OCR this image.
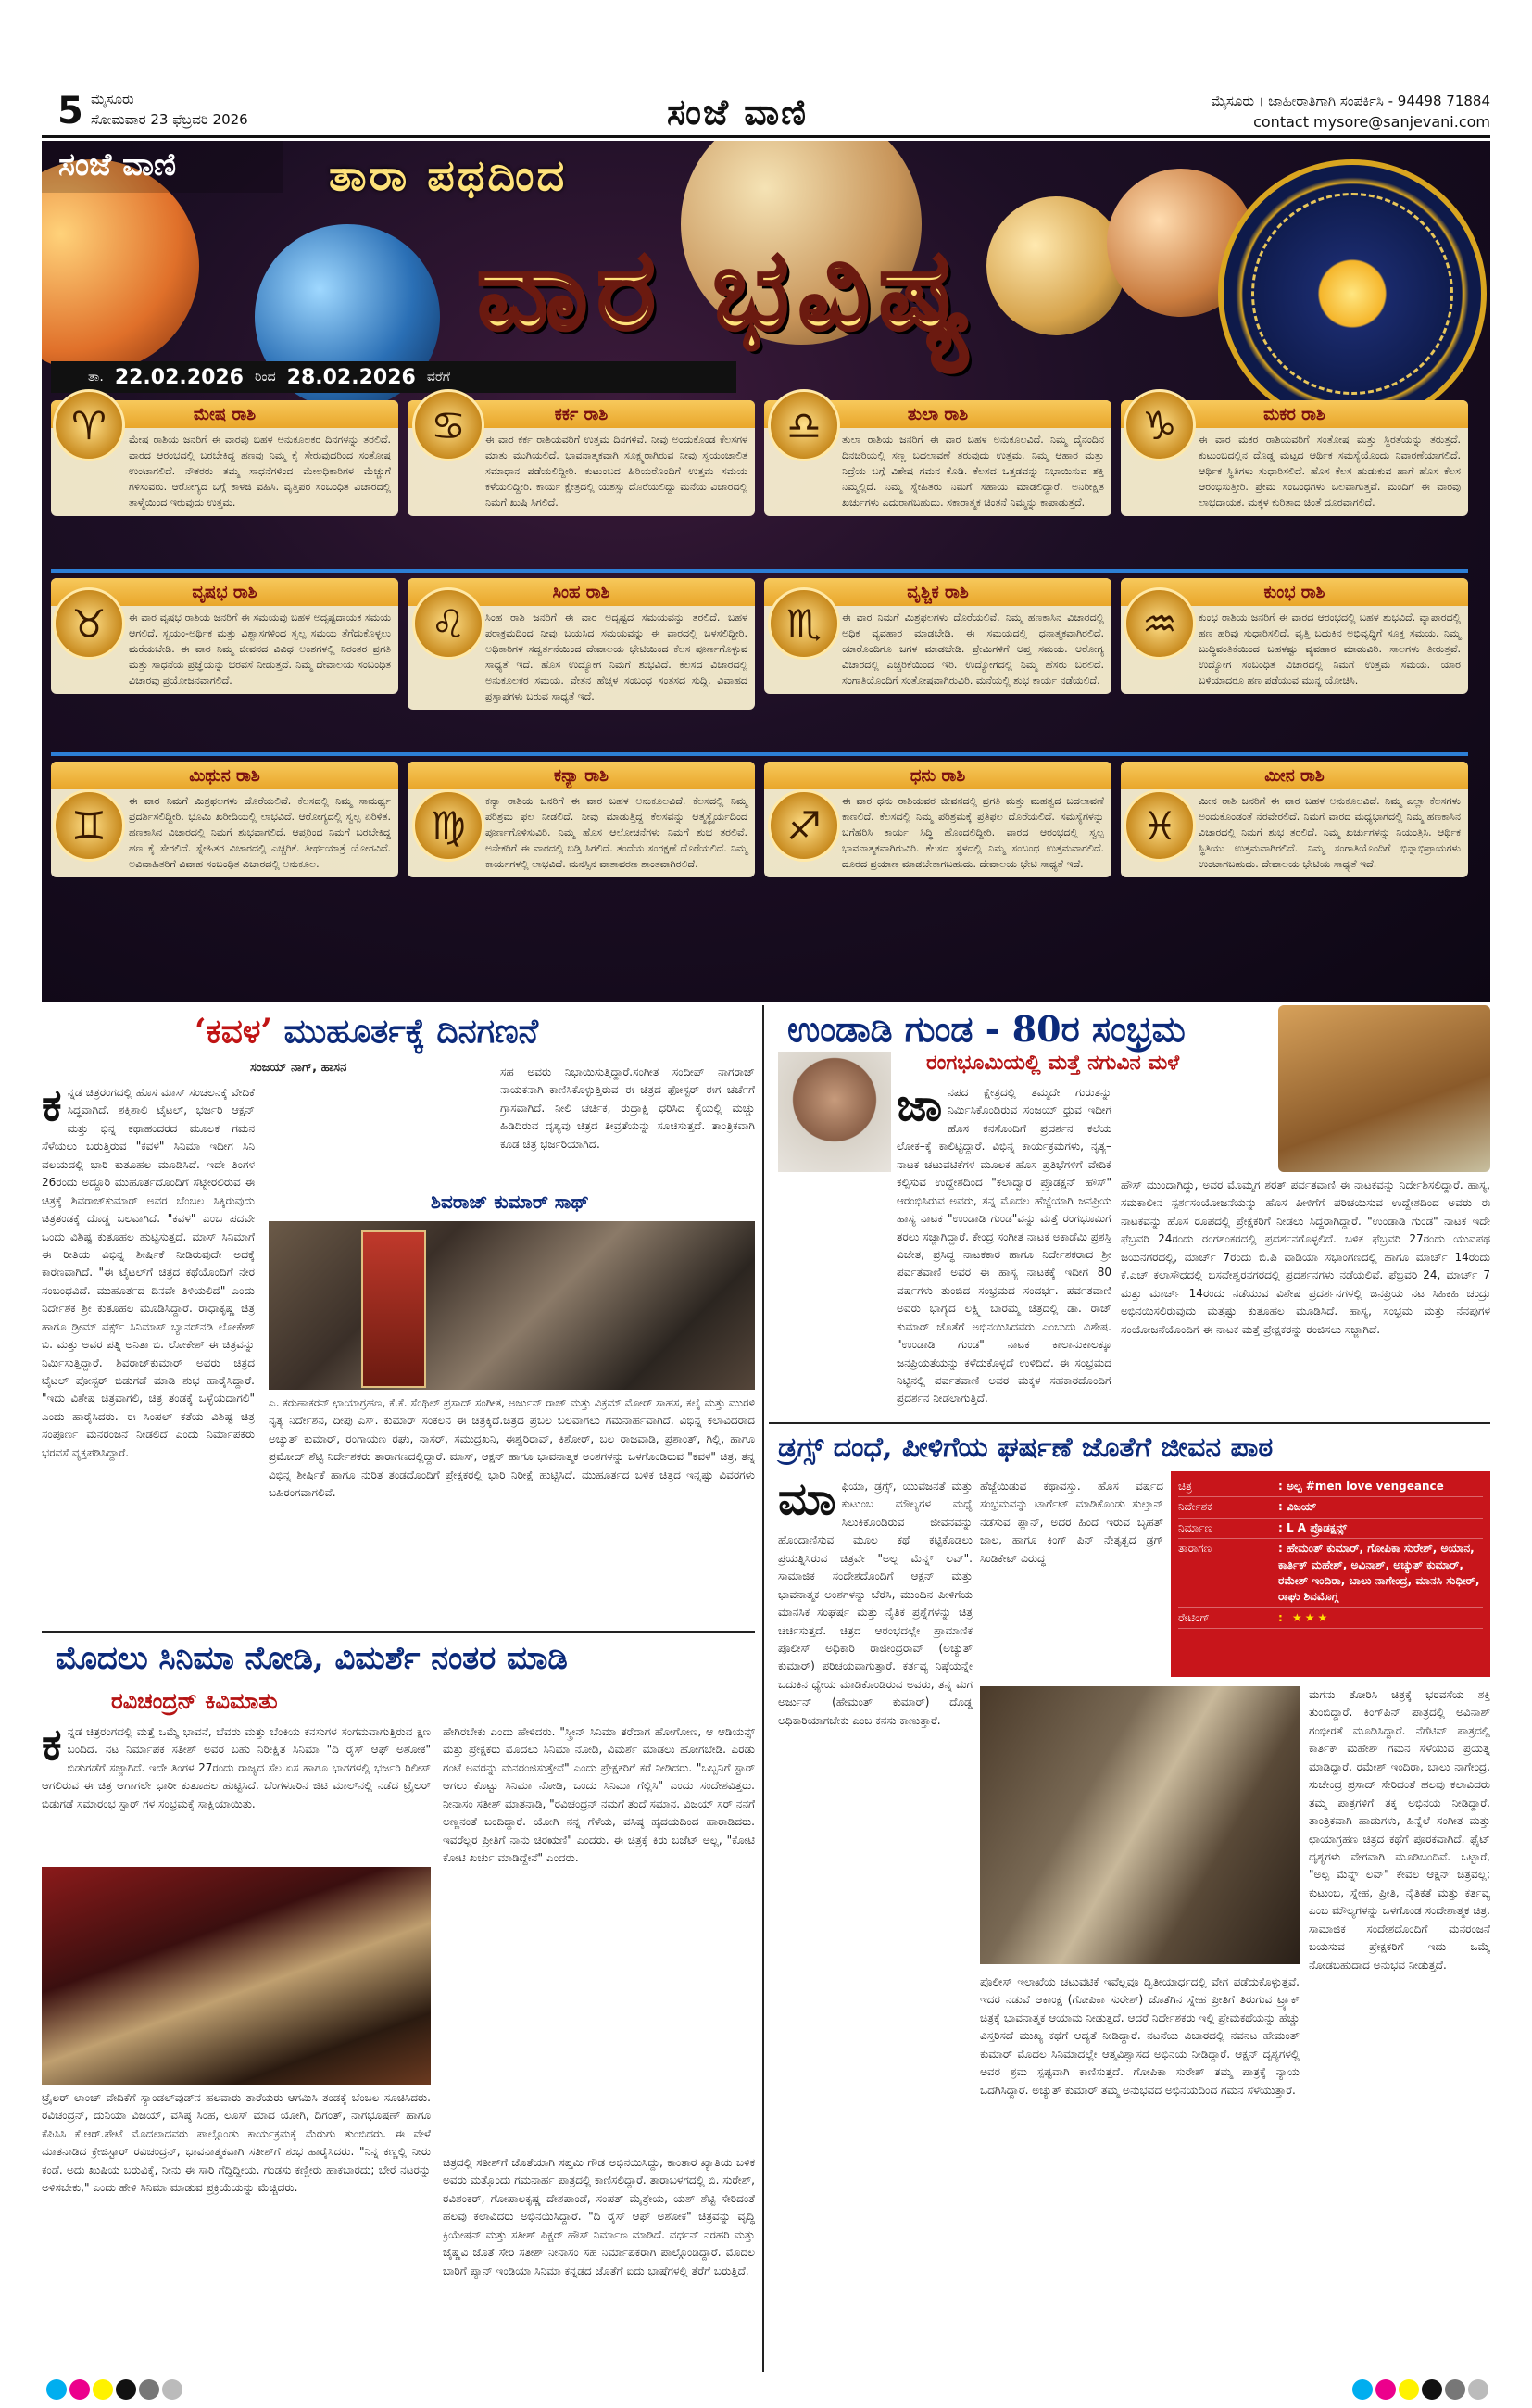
5 ಮೈಸೂರು
ಸೋಮವಾರ 23 ಫೆಬ್ರವರಿ 2026	ಸಂಜೆ ವಾಣಿ	ಮೈಸೂರು । ಜಾಹೀರಾತಿಗಾಗಿ ಸಂಪರ್ಕಿಸಿ - 94498 71884
contact mysore@sanjevani.com
ಸಂಜೆ ವಾಣಿ	ತಾರಾ ಪಥದಿಂದ
ವಾರ ಭವಿಷ್ಯ
ತಾ. 22.02.2026 ರಿಂದ 28.02.2026 ವರೆಗೆ
ಮೇಷ ರಾಶಿ
ಮೇಷ ರಾಶಿಯ ಜನರಿಗೆ ಈ ವಾರವು ಬಹಳ ಅನುಕೂಲಕರ ದಿನಗಳನ್ನು ತರಲಿದೆ. ವಾರದ ಆರಂಭದಲ್ಲಿ ಬರಬೇಕಿದ್ದ ಹಣವು ನಿಮ್ಮ ಕೈ ಸೇರುವುದರಿಂದ ಸಂತೋಷ ಉಂಟಾಗಲಿದೆ. ನೌಕರರು ತಮ್ಮ ಸಾಧನೆಗಳಿಂದ ಮೇಲಧಿಕಾರಿಗಳ ಮೆಚ್ಚುಗೆ ಗಳಿಸುವರು. ಆರೋಗ್ಯದ ಬಗ್ಗೆ ಕಾಳಜಿ ವಹಿಸಿ. ವೃತ್ತಿಪರ ಸಂಬಂಧಿತ ವಿಚಾರದಲ್ಲಿ ತಾಳ್ಮೆಯಿಂದ ಇರುವುದು ಉತ್ತಮ.
♈	ಕರ್ಕ ರಾಶಿ
ಈ ವಾರ ಕರ್ಕ ರಾಶಿಯವರಿಗೆ ಉತ್ತಮ ದಿನಗಳಿವೆ. ನೀವು ಅಂದುಕೊಂಡ ಕೆಲಸಗಳ ಮಾತು ಮುಗಿಯಲಿದೆ. ಭಾವನಾತ್ಮಕವಾಗಿ ಸೂಕ್ಷ್ಮರಾಗಿರುವ ನೀವು ಸ್ವಯಂಚಾಲಿತ ಸಮಾಧಾನ ಪಡೆಯಲಿದ್ದೀರಿ. ಕುಟುಂಬದ ಹಿರಿಯರೊಂದಿಗೆ ಉತ್ತಮ ಸಮಯ ಕಳೆಯಲಿದ್ದೀರಿ. ಕಾರ್ಯ ಕ್ಷೇತ್ರದಲ್ಲಿ ಯಶಸ್ಸು ದೊರೆಯಲಿದ್ದು ಮನೆಯ ವಿಚಾರದಲ್ಲಿ ನಿಮಗೆ ಖುಷಿ ಸಿಗಲಿದೆ.
♋	ತುಲಾ ರಾಶಿ
ತುಲಾ ರಾಶಿಯ ಜನರಿಗೆ ಈ ವಾರ ಬಹಳ ಅನುಕೂಲವಿದೆ. ನಿಮ್ಮ ದೈನಂದಿನ ದಿನಚರಿಯಲ್ಲಿ ಸಣ್ಣ ಬದಲಾವಣೆ ತರುವುದು ಉತ್ತಮ. ನಿಮ್ಮ ಆಹಾರ ಮತ್ತು ನಿದ್ರೆಯ ಬಗ್ಗೆ ವಿಶೇಷ ಗಮನ ಕೊಡಿ. ಕೆಲಸದ ಒತ್ತಡವನ್ನು ನಿಭಾಯಿಸುವ ಶಕ್ತಿ ನಿಮ್ಮಲ್ಲಿದೆ. ನಿಮ್ಮ ಸ್ನೇಹಿತರು ನಿಮಗೆ ಸಹಾಯ ಮಾಡಲಿದ್ದಾರೆ. ಅನಿರೀಕ್ಷಿತ ಖರ್ಚುಗಳು ಎದುರಾಗಬಹುದು. ಸಕಾರಾತ್ಮಕ ಚಿಂತನೆ ನಿಮ್ಮನ್ನು ಕಾಪಾಡುತ್ತದೆ.
♎	ಮಕರ ರಾಶಿ
ಈ ವಾರ ಮಕರ ರಾಶಿಯವರಿಗೆ ಸಂತೋಷ ಮತ್ತು ಸ್ಥಿರತೆಯನ್ನು ತರುತ್ತದೆ. ಕುಟುಂಬದಲ್ಲಿನ ದೊಡ್ಡ ಮಟ್ಟದ ಆರ್ಥಿಕ ಸಮಸ್ಯೆಯೊಂದು ನಿವಾರಣೆಯಾಗಲಿದೆ. ಆರ್ಥಿಕ ಸ್ಥಿತಿಗಳು ಸುಧಾರಿಸಲಿದೆ. ಹೊಸ ಕೆಲಸ ಹುಡುಕುವ ಹಾಗೆ ಹೊಸ ಕೆಲಸ ಆರಂಭಿಸುತ್ತೀರಿ. ಪ್ರೇಮ ಸಂಬಂಧಗಳು ಬಲವಾಗುತ್ತವೆ. ಮಂದಿಗೆ ಈ ವಾರವು ಲಾಭದಾಯಕ. ಮಕ್ಕಳ ಕುರಿತಾದ ಚಿಂತೆ ದೂರವಾಗಲಿದೆ.
♑
ವೃಷಭ ರಾಶಿ
ಈ ವಾರ ವೃಷಭ ರಾಶಿಯ ಜನರಿಗೆ ಈ ಸಮಯವು ಬಹಳ ಅದೃಷ್ಟದಾಯಕ ಸಮಯ ಆಗಲಿದೆ. ಸ್ವಯಂ-ಅರ್ಥಿಕ ಮತ್ತು ವಿಶ್ವಾಸಗಳಿಂದ ಸ್ವಲ್ಪ ಸಮಯ ತೆಗೆದುಕೊಳ್ಳಲು ಮರೆಯಬೇಡಿ. ಈ ವಾರ ನಿಮ್ಮ ಜೀವನದ ವಿವಿಧ ಅಂಶಗಳಲ್ಲಿ ನಿರಂತರ ಪ್ರಗತಿ ಮತ್ತು ಸಾಧನೆಯ ಪ್ರಜ್ಞೆಯನ್ನು ಭರವಸೆ ನೀಡುತ್ತದೆ. ನಿಮ್ಮ ದೇವಾಲಯ ಸಂಬಂಧಿತ ವಿಚಾರವು ಪ್ರಯೋಜನವಾಗಲಿದೆ.
♉
ಸಿಂಹ ರಾಶಿ
ಸಿಂಹ ರಾಶಿ ಜನರಿಗೆ ಈ ವಾರ ಅದೃಷ್ಟದ ಸಮಯವನ್ನು ತರಲಿದೆ. ಬಹಳ ಪರಾಕ್ರಮದಿಂದ ನೀವು ಬಯಸಿದ ಸಮಯವನ್ನು ಈ ವಾರದಲ್ಲಿ ಬಳಸಲಿದ್ದೀರಿ. ಅಧಿಕಾರಿಗಳ ಸದ್ವರ್ತನೆಯಿಂದ ದೇವಾಲಯ ಭೇಟಿಯಿಂದ ಕೆಲಸ ಪೂರ್ಣಗೊಳ್ಳುವ ಸಾಧ್ಯತೆ ಇದೆ. ಹೊಸ ಉದ್ಯೋಗ ನಿಮಗೆ ಶುಭವಿದೆ. ಕೆಲಸದ ವಿಚಾರದಲ್ಲಿ ಅನುಕೂಲಕರ ಸಮಯ. ವೇತನ ಹೆಚ್ಚಳ ಸಂಬಂಧ ಸಂತಸದ ಸುದ್ದಿ. ವಿವಾಹದ ಪ್ರಸ್ತಾಪಗಳು ಬರುವ ಸಾಧ್ಯತೆ ಇದೆ.
♌
ವೃಶ್ಚಿಕ ರಾಶಿ
ಈ ವಾರ ನಿಮಗೆ ಮಿಶ್ರಫಲಗಳು ದೊರೆಯಲಿವೆ. ನಿಮ್ಮ ಹಣಕಾಸಿನ ವಿಚಾರದಲ್ಲಿ ಅಧಿಕ ವ್ಯವಹಾರ ಮಾಡಬೇಡಿ. ಈ ಸಮಯದಲ್ಲಿ ಧನಾತ್ಮಕವಾಗಿರಲಿದೆ. ಯಾರೊಂದಿಗೂ ಜಗಳ ಮಾಡಬೇಡಿ. ಪ್ರೇಮಿಗಳಿಗೆ ಆಪ್ತ ಸಮಯ. ಆರೋಗ್ಯ ವಿಚಾರದಲ್ಲಿ ಎಚ್ಚರಿಕೆಯಿಂದ ಇರಿ. ಉದ್ಯೋಗದಲ್ಲಿ ನಿಮ್ಮ ಹೆಸರು ಬರಲಿದೆ. ಸಂಗಾತಿಯೊಂದಿಗೆ ಸಂತೋಷವಾಗಿರುವಿರಿ. ಮನೆಯಲ್ಲಿ ಶುಭ ಕಾರ್ಯ ನಡೆಯಲಿದೆ.
♏
ಕುಂಭ ರಾಶಿ
ಕುಂಭ ರಾಶಿಯ ಜನರಿಗೆ ಈ ವಾರದ ಆರಂಭದಲ್ಲಿ ಬಹಳ ಶುಭವಿದೆ. ವ್ಯಾಪಾರದಲ್ಲಿ ಹಣ ಹರಿವು ಸುಧಾರಿಸಲಿದೆ. ವೃತ್ತಿ ಬದುಕಿನ ಅಭಿವೃದ್ಧಿಗೆ ಸೂಕ್ತ ಸಮಯ. ನಿಮ್ಮ ಬುದ್ಧಿವಂತಿಕೆಯಿಂದ ಬಹಳಷ್ಟು ವ್ಯವಹಾರ ಮಾಡುವಿರಿ. ಸಾಲಗಳು ತೀರುತ್ತವೆ. ಉದ್ಯೋಗ ಸಂಬಂಧಿತ ವಿಚಾರದಲ್ಲಿ ನಿಮಗೆ ಉತ್ತಮ ಸಮಯ. ಯಾರ ಬಳಿಯಾದರೂ ಹಣ ಪಡೆಯುವ ಮುನ್ನ ಯೋಚಿಸಿ.
♒
ಮಿಥುನ ರಾಶಿ
ಈ ವಾರ ನಿಮಗೆ ಮಿಶ್ರಫಲಗಳು ದೊರೆಯಲಿದೆ. ಕೆಲಸದಲ್ಲಿ ನಿಮ್ಮ ಸಾಮರ್ಥ್ಯ ಪ್ರದರ್ಶಿಸಲಿದ್ದೀರಿ. ಭೂಮಿ ಖರೀದಿಯಲ್ಲಿ ಲಾಭವಿದೆ. ಆರೋಗ್ಯದಲ್ಲಿ ಸ್ವಲ್ಪ ಏರಿಳಿತ. ಹಣಕಾಸಿನ ವಿಚಾರದಲ್ಲಿ ನಿಮಗೆ ಶುಭವಾಗಲಿದೆ. ಆಪ್ತರಿಂದ ನಿಮಗೆ ಬರಬೇಕಿದ್ದ ಹಣ ಕೈ ಸೇರಲಿದೆ. ಸ್ನೇಹಿತರ ವಿಚಾರದಲ್ಲಿ ಎಚ್ಚರಿಕೆ. ತೀರ್ಥಯಾತ್ರೆ ಯೋಗವಿದೆ. ಅವಿವಾಹಿತರಿಗೆ ವಿವಾಹ ಸಂಬಂಧಿತ ವಿಚಾರದಲ್ಲಿ ಅನುಕೂಲ.
♊
ಕನ್ಯಾ ರಾಶಿ
ಕನ್ಯಾ ರಾಶಿಯ ಜನರಿಗೆ ಈ ವಾರ ಬಹಳ ಅನುಕೂಲವಿದೆ. ಕೆಲಸದಲ್ಲಿ ನಿಮ್ಮ ಪರಿಶ್ರಮ ಫಲ ನೀಡಲಿದೆ. ನೀವು ಮಾಡುತ್ತಿದ್ದ ಕೆಲಸವನ್ನು ಆತ್ಮಸ್ಥೈರ್ಯದಿಂದ ಪೂರ್ಣಗೊಳಿಸುವಿರಿ. ನಿಮ್ಮ ಹೊಸ ಆಲೋಚನೆಗಳು ನಿಮಗೆ ಶುಭ ತರಲಿವೆ. ಅನೇಕರಿಗೆ ಈ ವಾರದಲ್ಲಿ ಬಡ್ತಿ ಸಿಗಲಿದೆ. ತಂದೆಯ ಸಂರಕ್ಷಣೆ ದೊರೆಯಲಿದೆ. ನಿಮ್ಮ ಕಾರ್ಯಗಳಲ್ಲಿ ಲಾಭವಿದೆ. ಮನಸ್ಸಿನ ವಾತಾವರಣ ಶಾಂತವಾಗಿರಲಿದೆ.
♍
ಧನು ರಾಶಿ
ಈ ವಾರ ಧನು ರಾಶಿಯವರ ಜೀವನದಲ್ಲಿ ಪ್ರಗತಿ ಮತ್ತು ಮಹತ್ವದ ಬದಲಾವಣೆ ಕಾಣಲಿದೆ. ಕೆಲಸದಲ್ಲಿ ನಿಮ್ಮ ಪರಿಶ್ರಮಕ್ಕೆ ಪ್ರತಿಫಲ ದೊರೆಯಲಿದೆ. ಸಮಸ್ಯೆಗಳನ್ನು ಬಗೆಹರಿಸಿ ಕಾರ್ಯ ಸಿದ್ಧಿ ಹೊಂದಲಿದ್ದೀರಿ. ವಾರದ ಆರಂಭದಲ್ಲಿ ಸ್ವಲ್ಪ ಭಾವನಾತ್ಮಕವಾಗಿರುವಿರಿ. ಕೆಲಸದ ಸ್ಥಳದಲ್ಲಿ ನಿಮ್ಮ ಸಂಬಂಧ ಉತ್ತಮವಾಗಲಿದೆ. ದೂರದ ಪ್ರಯಾಣ ಮಾಡಬೇಕಾಗಬಹುದು. ದೇವಾಲಯ ಭೇಟಿ ಸಾಧ್ಯತೆ ಇದೆ.
♐
ಮೀನ ರಾಶಿ
ಮೀನ ರಾಶಿ ಜನರಿಗೆ ಈ ವಾರ ಬಹಳ ಅನುಕೂಲವಿದೆ. ನಿಮ್ಮ ಎಲ್ಲಾ ಕೆಲಸಗಳು ಅಂದುಕೊಂಡಂತೆ ನೆರವೇರಲಿದೆ. ನಿಮಗೆ ವಾರದ ಮಧ್ಯಭಾಗದಲ್ಲಿ ನಿಮ್ಮ ಹಣಕಾಸಿನ ವಿಚಾರದಲ್ಲಿ ನಿಮಗೆ ಶುಭ ತರಲಿದೆ. ನಿಮ್ಮ ಖರ್ಚುಗಳನ್ನು ನಿಯಂತ್ರಿಸಿ. ಆರ್ಥಿಕ ಸ್ಥಿತಿಯು ಉತ್ತಮವಾಗಿರಲಿದೆ. ನಿಮ್ಮ ಸಂಗಾತಿಯೊಂದಿಗೆ ಭಿನ್ನಾಭಿಪ್ರಾಯಗಳು ಉಂಟಾಗಬಹುದು. ದೇವಾಲಯ ಭೇಟಿಯ ಸಾಧ್ಯತೆ ಇದೆ.
♓
‘ಕವಳ’ ಮುಹೂರ್ತಕ್ಕೆ ದಿನಗಣನೆ
ಸಂಜಯ್ ನಾಗ್, ಹಾಸನ
ಕನ್ನಡ ಚಿತ್ರರಂಗದಲ್ಲಿ ಹೊಸ ಮಾಸ್ ಸಂಚಲನಕ್ಕೆ ವೇದಿಕೆ ಸಿದ್ಧವಾಗಿದೆ. ಶಕ್ತಿಶಾಲಿ ಟೈಟಲ್, ಭರ್ಜರಿ ಆಕ್ಷನ್ ಮತ್ತು ಭಿನ್ನ ಕಥಾಹಂದರದ ಮೂಲಕ ಗಮನ ಸೆಳೆಯಲು ಬರುತ್ತಿರುವ "ಕವಳ" ಸಿನಿಮಾ ಇದೀಗ ಸಿನಿ ವಲಯದಲ್ಲಿ ಭಾರಿ ಕುತೂಹಲ ಮೂಡಿಸಿದೆ. ಇದೇ ತಿಂಗಳ 26ರಂದು ಅದ್ದೂರಿ ಮುಹೂರ್ತದೊಂದಿಗೆ ಸೆಟ್ಟೇರಲಿರುವ ಈ ಚಿತ್ರಕ್ಕೆ ಶಿವರಾಜ್‌ಕುಮಾರ್ ಅವರ ಬೆಂಬಲ ಸಿಕ್ಕಿರುವುದು ಚಿತ್ರತಂಡಕ್ಕೆ ದೊಡ್ಡ ಬಲವಾಗಿದೆ. "ಕವಳ" ಎಂಬ ಪದವೇ ಒಂದು ವಿಶಿಷ್ಟ ಕುತೂಹಲ ಹುಟ್ಟಿಸುತ್ತದೆ. ಮಾಸ್ ಸಿನಿಮಾಗೆ ಈ ರೀತಿಯ ವಿಭಿನ್ನ ಶೀರ್ಷಿಕೆ ನೀಡಿರುವುದೇ ಅದಕ್ಕೆ ಕಾರಣವಾಗಿದೆ. "ಈ ಟೈಟಲ್‌ಗೆ ಚಿತ್ರದ ಕಥೆಯೊಂದಿಗೆ ನೇರ ಸಂಬಂಧವಿದೆ. ಮುಹೂರ್ತದ ದಿನವೇ ತಿಳಿಯಲಿದೆ" ಎಂದು ನಿರ್ದೇಶಕ ಶ್ರೀ ಕುತೂಹಲ ಮೂಡಿಸಿದ್ದಾರೆ. ರಾಧಾಕೃಷ್ಣ ಚಿತ್ರ ಹಾಗೂ ಡ್ರೀಮ್ ವರ್ಕ್ಸ್ ಸಿನಿಮಾಸ್ ಬ್ಯಾನರ್‌ನಡಿ ಲೋಕೇಶ್ ಬಿ. ಮತ್ತು ಅವರ ಪತ್ನಿ ಅನಿತಾ ಬಿ. ಲೋಕೇಶ್ ಈ ಚಿತ್ರವನ್ನು ನಿರ್ಮಿಸುತ್ತಿದ್ದಾರೆ. ಶಿವರಾಜ್‌ಕುಮಾರ್ ಅವರು ಚಿತ್ರದ ಟೈಟಲ್ ಪೋಸ್ಟರ್ ಬಿಡುಗಡೆ ಮಾಡಿ ಶುಭ ಹಾರೈಸಿದ್ದಾರೆ. "ಇದು ವಿಶೇಷ ಚಿತ್ರವಾಗಲಿ, ಚಿತ್ರ ತಂಡಕ್ಕೆ ಒಳ್ಳೆಯದಾಗಲಿ" ಎಂದು ಹಾರೈಸಿದರು. ಈ ಸಿಂಪಲ್ ಕತೆಯ ವಿಶಿಷ್ಟ ಚಿತ್ರ ಸಂಪೂರ್ಣ ಮನರಂಜನೆ ನೀಡಲಿದೆ ಎಂದು ನಿರ್ಮಾಪಕರು ಭರವಸೆ ವ್ಯಕ್ತಪಡಿಸಿದ್ದಾರೆ.
ಸಹ ಅವರು ನಿಭಾಯಿಸುತ್ತಿದ್ದಾರೆ.ಸಂಗೀತ ಸಂದೀಪ್ ನಾಗರಾಜ್ ನಾಯಕನಾಗಿ ಕಾಣಿಸಿಕೊಳ್ಳುತ್ತಿರುವ ಈ ಚಿತ್ರದ ಫೋಸ್ಟರ್ ಈಗ ಚರ್ಚೆಗೆ ಗ್ರಾಸವಾಗಿದೆ. ನೀಲಿ ಚರ್ಚಿಕ, ರುದ್ರಾಕ್ಷಿ ಧರಿಸಿದ ಕೈಯಲ್ಲಿ ಮಚ್ಚು ಹಿಡಿದಿರುವ ದೃಶ್ಯವು ಚಿತ್ರದ ತೀವ್ರತೆಯನ್ನು ಸೂಚಿಸುತ್ತದೆ. ತಾಂತ್ರಿಕವಾಗಿ ಕೂಡ ಚಿತ್ರ ಭರ್ಜರಿಯಾಗಿದೆ.
ಶಿವರಾಜ್ ಕುಮಾರ್ ಸಾಥ್
ಎ. ಕರುಣಾಕರನ್ ಛಾಯಾಗ್ರಹಣ, ಕೆ.ಕೆ. ಸೆಂಥಿಲ್ ಪ್ರಸಾದ್ ಸಂಗೀತ, ಅರ್ಜುನ್ ರಾಜ್ ಮತ್ತು ವಿಕ್ರಮ್ ಮೋರ್ ಸಾಹಸ, ಕಲೈ ಮತ್ತು ಮುರಳಿ ನೃತ್ಯ ನಿರ್ದೇಶನ, ದೀಪು ಎಸ್. ಕುಮಾರ್ ಸಂಕಲನ ಈ ಚಿತ್ರಕ್ಕಿದೆ.ಚಿತ್ರದ ಪ್ರಬಲ ಬಲವಾಗಲು ಗಮನಾರ್ಹವಾಗಿದೆ. ವಿಭಿನ್ನ ಕಲಾವಿದರಾದ ಅಚ್ಯುತ್ ಕುಮಾರ್, ರಂಗಾಯಣ ರಘು, ನಾಸರ್, ಸಮುದ್ರಖನಿ, ಈಶ್ವರಿರಾವ್, ಕಿಶೋರ್, ಬಲ ರಾಜವಾಡಿ, ಪ್ರಶಾಂತ್, ಗಿಲ್ಲಿ, ಹಾಗೂ ಪ್ರಮೋದ್ ಶೆಟ್ಟಿ ನಿರ್ದೇಶಕರು ತಾರಾಗಣದಲ್ಲಿದ್ದಾರೆ. ಮಾಸ್, ಆಕ್ಷನ್ ಹಾಗೂ ಭಾವನಾತ್ಮಕ ಅಂಶಗಳನ್ನು ಒಳಗೊಂಡಿರುವ "ಕವಳ" ಚಿತ್ರ, ತನ್ನ ವಿಭಿನ್ನ ಶೀರ್ಷಿಕೆ ಹಾಗೂ ನುರಿತ ತಂಡದೊಂದಿಗೆ ಪ್ರೇಕ್ಷಕರಲ್ಲಿ ಭಾರಿ ನಿರೀಕ್ಷೆ ಹುಟ್ಟಿಸಿದೆ. ಮುಹೂರ್ತದ ಬಳಿಕ ಚಿತ್ರದ ಇನ್ನಷ್ಟು ವಿವರಗಳು ಬಹಿರಂಗವಾಗಲಿವೆ.
ಉಂಡಾಡಿ ಗುಂಡ - 80ರ ಸಂಭ್ರಮ
ರಂಗಭೂಮಿಯಲ್ಲಿ ಮತ್ತೆ ನಗುವಿನ ಮಳೆ
ಜಾನಪದ ಕ್ಷೇತ್ರದಲ್ಲಿ ತಮ್ಮದೇ ಗುರುತನ್ನು ನಿರ್ಮಿಸಿಕೊಂಡಿರುವ ಸಂಜಯ್ ಧ್ರುವ ಇದೀಗ ಹೊಸ ಕನಸೊಂದಿಗೆ ಪ್ರದರ್ಶನ ಕಲೆಯ ಲೋಕ–ಕ್ಕೆ ಕಾಲಿಟ್ಟಿದ್ದಾರೆ. ವಿಭಿನ್ನ ಕಾರ್ಯಕ್ರಮಗಳು, ನೃತ್ಯ–ನಾಟಕ ಚಟುವಟಿಕೆಗಳ ಮೂಲಕ ಹೊಸ ಪ್ರತಿಭೆಗಳಿಗೆ ವೇದಿಕೆ ಕಲ್ಪಿಸುವ ಉದ್ದೇಶದಿಂದ "ಕಲಾದ್ವಾರ ಪ್ರೊಡಕ್ಷನ್ ಹೌಸ್" ಆರಂಭಿಸಿರುವ ಅವರು, ತನ್ನ ಮೊದಲ ಹೆಜ್ಜೆಯಾಗಿ ಜನಪ್ರಿಯ ಹಾಸ್ಯ ನಾಟಕ "ಉಂಡಾಡಿ ಗುಂಡ"ವನ್ನು ಮತ್ತೆ ರಂಗಭೂಮಿಗೆ ತರಲು ಸಜ್ಜಾಗಿದ್ದಾರೆ. ಕೇಂದ್ರ ಸಂಗೀತ ನಾಟಕ ಅಕಾಡೆಮಿ ಪ್ರಶಸ್ತಿ ವಿಜೇತ, ಪ್ರಸಿದ್ಧ ನಾಟಕಕಾರ ಹಾಗೂ ನಿರ್ದೇಶಕರಾದ ಶ್ರೀ ಪರ್ವತವಾಣಿ ಅವರ ಈ ಹಾಸ್ಯ ನಾಟಕಕ್ಕೆ ಇದೀಗ 80 ವರ್ಷಗಳು ತುಂಬಿದ ಸಂಭ್ರಮದ ಸಂದರ್ಭ. ಪರ್ವತವಾಣಿ ಅವರು ಭಾಗ್ಯದ ಲಕ್ಷ್ಮಿ ಬಾರಮ್ಮ ಚಿತ್ರದಲ್ಲಿ ಡಾ. ರಾಜ್ ಕುಮಾರ್ ಜೊತೆಗೆ ಅಭಿನಯಿಸಿದವರು ಎಂಬುದು ವಿಶೇಷ. "ಉಂಡಾಡಿ ಗುಂಡ" ನಾಟಕ ಕಾಲಾನುಕಾಲಕ್ಕೂ ಜನಪ್ರಿಯತೆಯನ್ನು ಕಳೆದುಕೊಳ್ಳದೆ ಉಳಿದಿದೆ. ಈ ಸಂಭ್ರಮದ ನಿಟ್ಟಿನಲ್ಲಿ ಪರ್ವತವಾಣಿ ಅವರ ಮಕ್ಕಳ ಸಹಕಾರದೊಂದಿಗೆ ಪ್ರದರ್ಶನ ನೀಡಲಾಗುತ್ತಿದೆ.
ಹೌಸ್ ಮುಂದಾಗಿದ್ದು, ಅವರ ಮೊಮ್ಮಗ ಶರತ್ ಪರ್ವತವಾಣಿ ಈ ನಾಟಕವನ್ನು ನಿರ್ದೇಶಿಸಲಿದ್ದಾರೆ. ಹಾಸ್ಯ, ಸಮಕಾಲೀನ ಸ್ಪರ್ಶಸಂಯೋಜನೆಯನ್ನು ಹೊಸ ಪೀಳಿಗೆಗೆ ಪರಿಚಯಿಸುವ ಉದ್ದೇಶದಿಂದ ಅವರು ಈ ನಾಟಕವನ್ನು ಹೊಸ ರೂಪದಲ್ಲಿ ಪ್ರೇಕ್ಷಕರಿಗೆ ನೀಡಲು ಸಿದ್ಧರಾಗಿದ್ದಾರೆ. "ಉಂಡಾಡಿ ಗುಂಡ" ನಾಟಕ ಇದೇ ಫೆಬ್ರವರಿ 24ರಂದು ರಂಗಶಂಕರದಲ್ಲಿ ಪ್ರದರ್ಶನಗೊಳ್ಳಲಿದೆ. ಬಳಿಕ ಫೆಬ್ರವರಿ 27ರಂದು ಯುವಪಥ ಜಯನಗರದಲ್ಲಿ, ಮಾರ್ಚ್ 7ರಂದು ಬಿ.ಪಿ ವಾಡಿಯಾ ಸಭಾಂಗಣದಲ್ಲಿ ಹಾಗೂ ಮಾರ್ಚ್ 14ರಂದು ಕೆ.ಎಚ್ ಕಲಾಸೌಧದಲ್ಲಿ ಬಸವೇಶ್ವರನಗರದಲ್ಲಿ ಪ್ರದರ್ಶನಗಳು ನಡೆಯಲಿವೆ. ಫೆಬ್ರವರಿ 24, ಮಾರ್ಚ್ 7 ಮತ್ತು ಮಾರ್ಚ್ 14ರಂದು ನಡೆಯುವ ವಿಶೇಷ ಪ್ರದರ್ಶನಗಳಲ್ಲಿ ಜನಪ್ರಿಯ ನಟ ಸಿಹಿಕಹಿ ಚಂದ್ರು ಅಭಿನಯಿಸಲಿರುವುದು ಮತ್ತಷ್ಟು ಕುತೂಹಲ ಮೂಡಿಸಿದೆ. ಹಾಸ್ಯ, ಸಂಭ್ರಮ ಮತ್ತು ನೆನಪುಗಳ ಸಂಯೋಜನೆಯೊಂದಿಗೆ ಈ ನಾಟಕ ಮತ್ತೆ ಪ್ರೇಕ್ಷಕರನ್ನು ರಂಜಿಸಲು ಸಜ್ಜಾಗಿದೆ.
ಡ್ರಗ್ಸ್ ದಂಧೆ, ಪೀಳಿಗೆಯ ಘರ್ಷಣೆ ಜೊತೆಗೆ ಜೀವನ ಪಾಠ
ಮಾಫಿಯಾ, ಡ್ರಗ್ಸ್, ಯುವಜನತೆ ಮತ್ತು ಕುಟುಂಬ ಮೌಲ್ಯಗಳ ಮಧ್ಯೆ ಸಿಲುಕಿಕೊಂಡಿರುವ ಜೀವನವನ್ನು ಹೊಂದಾಣಿಸುವ ಮೂಲ ಕಥೆ ಕಟ್ಟಿಕೊಡಲು ಪ್ರಯತ್ನಿಸಿರುವ ಚಿತ್ರವೇ "ಅಲ್ಪ ಮೆನ್ನ್ ಲವ್". ಸಾಮಾಜಿಕ ಸಂದೇಶದೊಂದಿಗೆ ಆಕ್ಷನ್ ಮತ್ತು ಭಾವನಾತ್ಮಕ ಅಂಶಗಳನ್ನು ಬೆರೆಸಿ, ಮುಂದಿನ ಪೀಳಿಗೆಯ ಮಾನಸಿಕ ಸಂಘರ್ಷ ಮತ್ತು ನೈತಿಕ ಪ್ರಶ್ನೆಗಳನ್ನು ಚಿತ್ರ ಚರ್ಚಿಸುತ್ತದೆ. ಚಿತ್ರದ ಆರಂಭದಲ್ಲೇ ಪ್ರಾಮಾಣಿಕ ಪೊಲೀಸ್ ಅಧಿಕಾರಿ ರಾಜೀಂದ್ರರಾವ್ (ಅಚ್ಯುತ್ ಕುಮಾರ್) ಪರಿಚಯವಾಗುತ್ತಾರೆ. ಕರ್ತವ್ಯ ನಿಷ್ಠೆಯನ್ನೇ ಬದುಕಿನ ಧ್ಯೇಯ ಮಾಡಿಕೊಂಡಿರುವ ಅವರು, ತನ್ನ ಮಗ ಅರ್ಜುನ್ (ಹೇಮಂತ್ ಕುಮಾರ್) ದೊಡ್ಡ ಅಧಿಕಾರಿಯಾಗಬೇಕು ಎಂಬ ಕನಸು ಕಾಣುತ್ತಾರೆ.
ಹೆಜ್ಜೆಯಿಡುವ ಕಥಾವಸ್ತು. ಹೊಸ ವರ್ಷದ ಸಂಭ್ರಮವನ್ನು ಟಾರ್ಗೆಟ್ ಮಾಡಿಕೊಂಡು ಸುಲ್ತಾನ್ ನಡೆಸುವ ಪ್ಲಾನ್, ಅದರ ಹಿಂದೆ ಇರುವ ಬೃಹತ್ ಜಾಲ, ಹಾಗೂ ಕಿಂಗ್ ಪಿನ್ ನೇತೃತ್ವದ ಡ್ರಗ್ ಸಿಂಡಿಕೇಟ್ ವಿರುದ್ಧ
ಚಿತ್ರ	: ಅಲ್ಪ #men love vengeance
ನಿರ್ದೇಶಕ	: ವಿಜಯ್
ನಿರ್ಮಾಣ	: L A ಪ್ರೊಡಕ್ಷನ್ಸ್
ತಾರಾಗಣ	: ಹೇಮಂತ್ ಕುಮಾರ್, ಗೋಪಿಕಾ ಸುರೇಶ್, ಅಯಾನ, ಕಾರ್ತಿಕ್ ಮಹೇಶ್, ಅವಿನಾಶ್, ಅಚ್ಯುತ್ ಕುಮಾರ್, ರಮೇಶ್ ಇಂದಿರಾ, ಬಾಲು ನಾಗೇಂದ್ರ, ಮಾನಸಿ ಸುಧೀರ್, ರಾಘು ಶಿವಮೊಗ್ಗ
ರೇಟಿಂಗ್	: ★★★
ಮಗನು ತೋರಿಸಿ ಚಿತ್ರಕ್ಕೆ ಭರವಸೆಯ ಶಕ್ತಿ ತುಂಬಿದ್ದಾರೆ. ಕಿಂಗ್‌ಪಿನ್ ಪಾತ್ರದಲ್ಲಿ ಅವಿನಾಶ್ ಗಂಭೀರತೆ ಮೂಡಿಸಿದ್ದಾರೆ. ನೆಗೆಟಿವ್ ಪಾತ್ರದಲ್ಲಿ ಕಾರ್ತಿಕ್ ಮಹೇಶ್ ಗಮನ ಸೆಳೆಯುವ ಪ್ರಯತ್ನ ಮಾಡಿದ್ದಾರೆ. ರಮೇಶ್ ಇಂದಿರಾ, ಬಾಲು ನಾಗೇಂದ್ರ, ಸುಚೇಂದ್ರ ಪ್ರಸಾದ್ ಸೇರಿದಂತೆ ಹಲವು ಕಲಾವಿದರು ತಮ್ಮ ಪಾತ್ರಗಳಿಗೆ ತಕ್ಕ ಅಭಿನಯ ನೀಡಿದ್ದಾರೆ. ತಾಂತ್ರಿಕವಾಗಿ ಹಾಡುಗಳು, ಹಿನ್ನೆಲೆ ಸಂಗೀತ ಮತ್ತು ಛಾಯಾಗ್ರಹಣ ಚಿತ್ರದ ಕಥೆಗೆ ಪೂರಕವಾಗಿದೆ. ಫೈಟ್ ದೃಶ್ಯಗಳು ವೇಗವಾಗಿ ಮೂಡಿಬಂದಿವೆ. ಒಟ್ಟಾರೆ, "ಅಲ್ಪ ಮೆನ್ನ್ ಲವ್" ಕೇವಲ ಆಕ್ಷನ್ ಚಿತ್ರವಲ್ಲ; ಕುಟುಂಬ, ಸ್ನೇಹ, ಪ್ರೀತಿ, ನೈತಿಕತೆ ಮತ್ತು ಕರ್ತವ್ಯ ಎಂಬ ಮೌಲ್ಯಗಳನ್ನು ಒಳಗೊಂಡ ಸಂದೇಶಾತ್ಮಕ ಚಿತ್ರ. ಸಾಮಾಜಿಕ ಸಂದೇಶದೊಂದಿಗೆ ಮನರಂಜನೆ ಬಯಸುವ ಪ್ರೇಕ್ಷಕರಿಗೆ ಇದು ಒಮ್ಮೆ ನೋಡಬಹುದಾದ ಅನುಭವ ನೀಡುತ್ತದೆ.
ಪೊಲೀಸ್ ಇಲಾಖೆಯ ಚಟುವಟಿಕೆ ಇವೆಲ್ಲವೂ ದ್ವಿತೀಯಾರ್ಧದಲ್ಲಿ ವೇಗ ಪಡೆದುಕೊಳ್ಳುತ್ತವೆ. ಇದರ ನಡುವೆ ಆಕಾಂಕ್ಷ (ಗೋಪಿಕಾ ಸುರೇಶ್) ಜೊತೆಗಿನ ಸ್ನೇಹ ಪ್ರೀತಿಗೆ ತಿರುಗುವ ಟ್ರ್ಯಾಕ್ ಚಿತ್ರಕ್ಕೆ ಭಾವನಾತ್ಮಕ ಆಯಾಮ ನೀಡುತ್ತದೆ. ಆದರೆ ನಿರ್ದೇಶಕರು ಇಲ್ಲಿ ಪ್ರೇಮಕಥೆಯನ್ನು ಹೆಚ್ಚು ವಿಸ್ತರಿಸದೆ ಮುಖ್ಯ ಕಥೆಗೆ ಆದ್ಯತೆ ನೀಡಿದ್ದಾರೆ. ನಟನೆಯ ವಿಚಾರದಲ್ಲಿ ನವನಟ ಹೇಮಂತ್ ಕುಮಾರ್ ಮೊದಲ ಸಿನಿಮಾದಲ್ಲೇ ಆತ್ಮವಿಶ್ವಾಸದ ಅಭಿನಯ ನೀಡಿದ್ದಾರೆ. ಆಕ್ಷನ್ ದೃಶ್ಯಗಳಲ್ಲಿ ಅವರ ಶ್ರಮ ಸ್ಪಷ್ಟವಾಗಿ ಕಾಣಿಸುತ್ತದೆ. ಗೋಪಿಕಾ ಸುರೇಶ್ ತಮ್ಮ ಪಾತ್ರಕ್ಕೆ ನ್ಯಾಯ ಒದಗಿಸಿದ್ದಾರೆ. ಅಚ್ಯುತ್ ಕುಮಾರ್ ತಮ್ಮ ಅನುಭವದ ಅಭಿನಯದಿಂದ ಗಮನ ಸೆಳೆಯುತ್ತಾರೆ.
ಮೊದಲು ಸಿನಿಮಾ ನೋಡಿ, ವಿಮರ್ಶೆ ನಂತರ ಮಾಡಿ
ರವಿಚಂದ್ರನ್ ಕಿವಿಮಾತು
ಕನ್ನಡ ಚಿತ್ರರಂಗದಲ್ಲಿ ಮತ್ತೆ ಒಮ್ಮೆ ಭಾವನೆ, ಬೆವರು ಮತ್ತು ಬೆಂಕಿಯ ಕನಸುಗಳ ಸಂಗಮವಾಗುತ್ತಿರುವ ಕ್ಷಣ ಬಂದಿದೆ. ನಟ ನಿರ್ಮಾಪಕ ಸತೀಶ್ ಅವರ ಬಹು ನಿರೀಕ್ಷಿತ ಸಿನಿಮಾ "ದಿ ರೈಸ್ ಆಫ್ ಅಶೋಕ" ಬಿಡುಗಡೆಗೆ ಸಜ್ಜಾಗಿದೆ. ಇದೇ ತಿಂಗಳ 27ರಂದು ರಾಜ್ಯದ ಸೆಲ ಏಸ ಹಾಗೂ ಭಾಗಗಳಲ್ಲಿ ಭರ್ಜರಿ ರಿಲೀಸ್ ಆಗಲಿರುವ ಈ ಚಿತ್ರ ಆಗಾಗಲೇ ಭಾರೀ ಕುತೂಹಲ ಹುಟ್ಟಿಸಿದೆ. ಬೆಂಗಳೂರಿನ ಜಿಟಿ ಮಾಲ್‌ನಲ್ಲಿ ನಡೆದ ಟ್ರೈಲರ್ ಬಿಡುಗಡೆ ಸಮಾರಂಭ ಸ್ಟಾರ್ ಗಳ ಸಂಭ್ರಮಕ್ಕೆ ಸಾಕ್ಷಿಯಾಯಿತು.
ಟ್ರೈಲರ್ ಲಾಂಚ್ ವೇದಿಕೆಗೆ ಸ್ಯಾಂಡಲ್‌ವುಡ್‌ನ ಹಲವಾರು ತಾರೆಯರು ಆಗಮಿಸಿ ತಂಡಕ್ಕೆ ಬೆಂಬಲ ಸೂಚಿಸಿದರು. ರವಿಚಂದ್ರನ್, ದುನಿಯಾ ವಿಜಯ್, ವಸಿಷ್ಠ ಸಿಂಹ, ಲೂಸ್ ಮಾದ ಯೋಗಿ, ದಿಗಂತ್, ನಾಗಭೂಷಣ್ ಹಾಗೂ ಕೆಪಿಸಿಸಿ ಕೆ.ಆರ್.ಪೇಟೆ ಮೊದಲಾದವರು ಪಾಲ್ಗೊಂಡು ಕಾರ್ಯಕ್ರಮಕ್ಕೆ ಮೆರುಗು ತುಂಬಿದರು. ಈ ವೇಳೆ ಮಾತನಾಡಿದ ಕ್ರೇಜಿಸ್ಟಾರ್ ರವಿಚಂದ್ರನ್, ಭಾವನಾತ್ಮಕವಾಗಿ ಸತೀಶ್‌ಗೆ ಶುಭ ಹಾರೈಸಿದರು. "ನಿನ್ನ ಕಣ್ಣಲ್ಲಿ ನೀರು ಕಂಡೆ. ಅದು ಖುಷಿಯ ಬರುವಿಕ್ಕೆ, ನೀನು ಈ ಸಾರಿ ಗೆದ್ದಿದ್ದೀಯ. ಗಂಡಸು ಕಣ್ಣೀರು ಹಾಕಬಾರದು; ಬೇರೆ ನಟರನ್ನು ಅಳಿಸಬೇಕು," ಎಂದು ಹೇಳಿ ಸಿನಿಮಾ ಮಾಡುವ ಪ್ರಕ್ರಿಯೆಯನ್ನು ಮೆಚ್ಚಿದರು.
ಹೇಗಿರಬೇಕು ಎಂದು ಹೇಳಿದರು. "ಸ್ಕ್ರೀನ್ ಸಿನಿಮಾ ತರೆದಾಗ ಹೋಗೋಣ, ಆ ಆಡಿಯನ್ಸ್ ಮತ್ತು ಪ್ರೇಕ್ಷಕರು ಮೊದಲು ಸಿನಿಮಾ ನೋಡಿ, ವಿಮರ್ಶೆ ಮಾಡಲು ಹೋಗಬೇಡಿ. ಎರಡು ಗಂಟೆ ಅವರನ್ನು ಮನರಂಜಿಸುತ್ತೇವೆ" ಎಂದು ಪ್ರೇಕ್ಷಕರಿಗೆ ಕರೆ ನೀಡಿದರು. "ಒಬ್ಬನಿಗೆ ಸ್ಟಾರ್ ಆಗಲು ಕೊಟ್ಟು ಸಿನಿಮಾ ನೋಡಿ, ಒಂದು ಸಿನಿಮಾ ಗೆಲ್ಲಿಸಿ" ಎಂದು ಸಂದೇಶವಿತ್ತರು. ನೀನಾಸಂ ಸತೀಶ್ ಮಾತನಾಡಿ, "ರವಿಚಂದ್ರನ್ ನಮಗೆ ತಂದೆ ಸಮಾನ. ವಿಜಯ್ ಸರ್ ನನಗೆ ಅಣ್ಣನಂತೆ ಬಂದಿದ್ದಾರೆ. ಯೋಗಿ ನನ್ನ ಗೆಳೆಯ, ವಸಿಷ್ಠ ಹೃದಯದಿಂದ ಹಾರಾಡಿದರು. ಇವರೆಲ್ಲರ ಪ್ರೀತಿಗೆ ನಾನು ಚಿರಋಣಿ" ಎಂದರು. ಈ ಚಿತ್ರಕ್ಕೆ ಕಿರು ಬಜೆಟ್ ಅಲ್ಲ, "ಕೋಟಿ ಕೋಟಿ ಖರ್ಚು ಮಾಡಿದ್ದೇನೆ" ಎಂದರು.
ಚಿತ್ರದಲ್ಲಿ ಸತೀಶ್‌ಗೆ ಜೊತೆಯಾಗಿ ಸಪ್ತಮಿ ಗೌಡ ಅಭಿನಯಿಸಿದ್ದು, ಕಾಂತಾರ ಖ್ಯಾತಿಯ ಬಳಿಕ ಅವರು ಮತ್ತೊಂದು ಗಮನಾರ್ಹ ಪಾತ್ರದಲ್ಲಿ ಕಾಣಿಸಲಿದ್ದಾರೆ. ತಾರಾಬಳಗದಲ್ಲಿ ಬಿ. ಸುರೇಶ್, ರವಿಶಂಕರ್, ಗೋಪಾಲಕೃಷ್ಣ ದೇಶಪಾಂಡೆ, ಸಂಪತ್ ಮೈತ್ರೇಯ, ಯಶ್ ಶೆಟ್ಟಿ ಸೇರಿದಂತೆ ಹಲವು ಕಲಾವಿದರು ಅಭಿನಯಿಸಿದ್ದಾರೆ. "ದಿ ರೈಸ್ ಆಫ್ ಅಶೋಕ" ಚಿತ್ರವನ್ನು ವೃದ್ಧಿ ಕ್ರಿಯೇಷನ್ ಮತ್ತು ಸತೀಶ್ ಪಿಕ್ಚರ್ ಹೌಸ್ ನಿರ್ಮಾಣ ಮಾಡಿದೆ. ವರ್ಧನ್ ನರಹರಿ ಮತ್ತು ಜೈಷ್ಣವಿ ಜೊತೆ ಸೇರಿ ಸತೀಶ್ ನೀನಾಸಂ ಸಹ ನಿರ್ಮಾಪಕರಾಗಿ ಪಾಲ್ಗೊಂಡಿದ್ದಾರೆ. ಮೊದಲ ಬಾರಿಗೆ ಪ್ಯಾನ್ ಇಂಡಿಯಾ ಸಿನಿಮಾ ಕನ್ನಡದ ಜೊತೆಗೆ ಐದು ಭಾಷೆಗಳಲ್ಲಿ ತೆರೆಗೆ ಬರುತ್ತಿದೆ.
